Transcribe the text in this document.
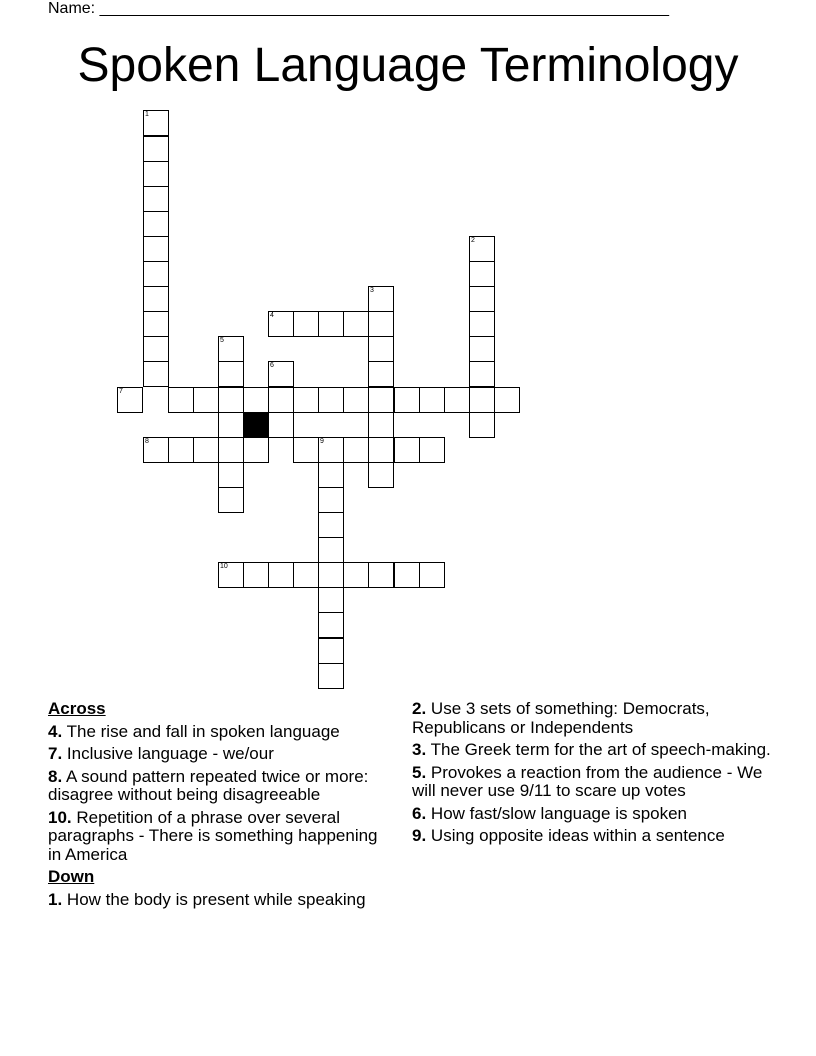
Name: ________________________________________________________________
Spoken Language Terminology
1
2
3
4
5
6
7
8	9
10
Across
4. The rise and fall in spoken language
7. Inclusive language - we/our
8. A sound pattern repeated twice or more: disagree without being disagreeable
10. Repetition of a phrase over several paragraphs - There is something happening in America
Down
1. How the body is present while speaking
2. Use 3 sets of something: Democrats, Republicans or Independents
3. The Greek term for the art of speech-making.
5. Provokes a reaction from the audience - We will never use 9/11 to scare up votes
6. How fast/slow language is spoken
9. Using opposite ideas within a sentence
